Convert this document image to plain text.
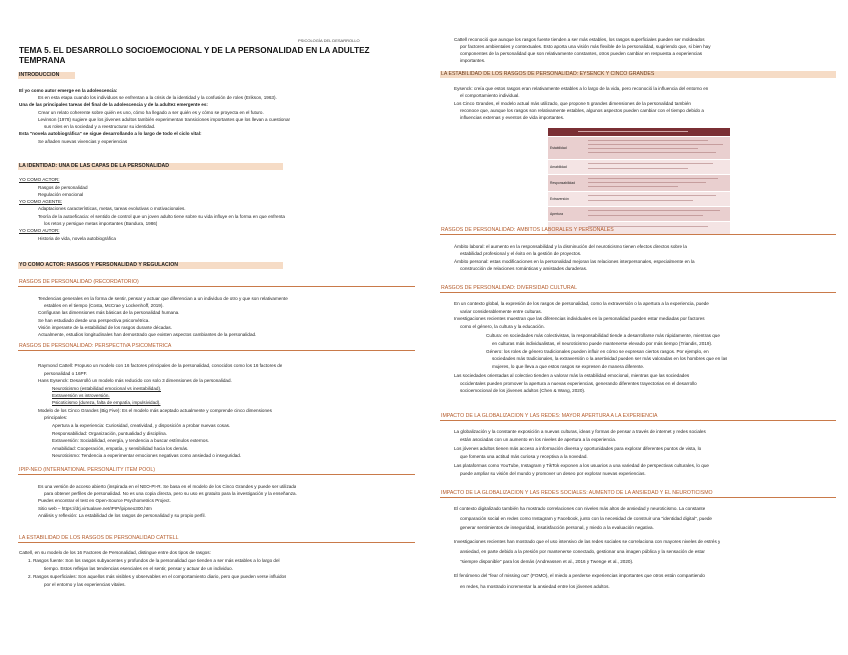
PSICOLOGÍA DEL DESARROLLO
TEMA 5. EL DESARROLLO SOCIOEMOCIONAL Y DE LA PERSONALIDAD EN LA ADULTEZ
TEMPRANA
INTRODUCCIÓN
El yo como autor emerge en la adolescencia:
Es en esta etapa cuando los individuos se enfrentan a la crisis de la identidad y la confusión de roles (Erikson, 1963).
Una de las principales tareas del final de la adolescencia y de la adultez emergente es:
Crear un relato coherente sobre quién es uno, cómo ha llegado a ser quién es y cómo se proyecta en el futuro.
Levinson (1978) sugiere que los jóvenes adultos también experimentan transiciones importantes que los llevan a cuestionar
sus roles en la sociedad y a reestructurar su identidad.
Esta "novela autobiográfica" se sigue desarrollando a lo largo de todo el ciclo vital:
Se añaden nuevas vivencias y experiencias
LA IDENTIDAD: UNA DE LAS CAPAS DE LA PERSONALIDAD
YO COMO ACTOR:
Rasgos de personalidad
Regulación emocional
YO COMO AGENTE:
Adaptaciones características, metas, tareas evolutivas o motivacionales.
Teoría de la autoeficacia: el sentido de control que un joven adulto tiene sobre su vida influye en la forma en que enfrenta
los retos y persigue metas importantes (Bandura, 1986)
YO COMO AUTOR:
Historia de vida, novela autobiográfica
YO COMO ACTOR: RASGOS Y PERSONALIDAD Y REGULACIÓN
RASGOS DE PERSONALIDAD (RECORDATORIO)
Tendencias generales en la forma de sentir, pensar y actuar que diferencian a un individuo de otro y que son relativamente
estables en el tiempo (Costa, McCrae y Lockenhoff, 2019).
Configuran las dimensiones más básicas de la personalidad humana.
Se han estudiado desde una perspectiva psicométrica.
Visión imperante de la estabilidad de los rasgos durante décadas.
Actualmente, estudios longitudinales han demostrado que existen aspectos cambiantes de la personalidad.
RASGOS DE PERSONALIDAD: PERSPECTIVA PSICOMÉTRICA
Raymond Cattell: Propuso un modelo con 16 factores principales de la personalidad, conocidos como los 16 factores de
personalidad o 16PF.
Hans Eysenck: Desarrolló un modelo más reducido con solo 3 dimensiones de la personalidad.
Neuroticismo (estabilidad emocional vs inestabilidad).
Extraversión vs introversión.
Psicoticismo (dureza, falta de empatía, impulsividad).
Modelo de los Cinco Grandes (Big Five): Es el modelo más aceptado actualmente y comprende cinco dimensiones
principales:
Apertura a la experiencia: Curiosidad, creatividad, y disposición a probar nuevas cosas.
Responsabilidad: Organización, puntualidad y disciplina.
Extraversión: Sociabilidad, energía, y tendencia a buscar estímulos externos.
Amabilidad: Cooperación, empatía, y sensibilidad hacia los demás.
Neuroticismo: Tendencia a experimentar emociones negativas como ansiedad o inseguridad.
IPIP-NEO (INTERNATIONAL PERSONALITY ITEM POOL)
Es una versión de acceso abierto (inspirada en el NEO-PI-R. Se basa en el modelo de los Cinco Grandes y puede ser utilizada
para obtener perfiles de personalidad. No es una copia directa, pero su uso es gratuito para la investigación y la enseñanza.
Puedes encontrar el test en Open-Source Psychometrics Project.
Sitio web – https://drj.virtualave.net/IPIP/ipipneo300.htm
Análisis y reflexión: La estabilidad de los rasgos de personalidad y su propio perfil.
LA ESTABILIDAD DE LOS RASGOS DE PERSONALIDAD CATTELL
Cattell, en su modelo de los 16 Factores de Personalidad, distingue entre dos tipos de rasgos:
1. Rasgos fuente: Son los rasgos subyacentes y profundos de la personalidad que tienden a ser más estables a lo largo del
tiempo. Estos reflejan las tendencias esenciales en el sentir, pensar y actuar de un individuo.
2. Rasgos superficiales: Son aquellos más visibles y observables en el comportamiento diario, pero que pueden verse influidos
por el entorno y las experiencias vitales.
Cattell reconoció que aunque los rasgos fuente tienden a ser más estables, los rasgos superficiales pueden ser moldeados
por factores ambientales y contextuales. Esto aporta una visión más flexible de la personalidad, sugiriendo que, si bien hay
componentes de la personalidad que son relativamente constantes, otros pueden cambiar en respuesta a experiencias
importantes.
LA ESTABILIDAD DE LOS RASGOS DE PERSONALIDAD: EYSENCK Y CINCO GRANDES
Eysenck: creía que estos rasgos eran relativamente estables a lo largo de la vida, pero reconoció la influencia del entorno en
el comportamiento individual.
Los Cinco Grandes, el modelo actual más utilizado, que propone 5 grandes dimensiones de la personalidad también
reconoce que, aunque los rasgos son relativamente estables, algunos aspectos pueden cambiar con el tiempo debido a
influencias externas y eventos de vida importantes.
Estabilidad
Amabilidad
Responsabilidad
Extraversión
Apertura
RASGOS DE PERSONALIDAD: ÁMBITOS LABORALES Y PERSONALES
Ámbito laboral: el aumento en la responsabilidad y la disminución del neuroticismo tienen efectos directos sobre la
estabilidad profesional y el éxito en la gestión de proyectos.
Ámbito personal: estas modificaciones en la personalidad mejoran las relaciones interpersonales, especialmente en la
construcción de relaciones románticas y amistades duraderas.
RASGOS DE PERSONALIDAD: DIVERSIDAD CULTURAL
En un contexto global, la expresión de los rasgos de personalidad, como la extraversión o la apertura a la experiencia, puede
variar considerablemente entre culturas.
Investigaciones recientes muestran que las diferencias individuales en la personalidad pueden estar mediadas por factores
como el género, la cultura y la educación.
Cultura: en sociedades más colectivistas, la responsabilidad tiende a desarrollarse más rápidamente, mientras que
en culturas más individualistas, el neuroticismo puede mantenerse elevado por más tiempo (Triandis, 2019).
Género: los roles de género tradicionales pueden influir en cómo se expresan ciertos rasgos. Por ejemplo, en
sociedades más tradicionales, la extraversión o la asertividad pueden ser más valoradas en los hombres que en las
mujeres, lo que lleva a que estos rasgos se expresen de manera diferente.
Las sociedades orientadas al colectivo tienden a valorar más la estabilidad emocional, mientras que las sociedades
occidentales pueden promover la apertura a nuevas experiencias, generando diferentes trayectorias en el desarrollo
socioemocional de los jóvenes adultos (Chen & Wang, 2020).
IMPACTO DE LA GLOBALIZACIÓN Y LAS REDES: MAYOR APERTURA A LA EXPERIENCIA
La globalización y la constante exposición a nuevas culturas, ideas y formas de pensar a través de internet y redes sociales
están asociadas con un aumento en los niveles de apertura a la experiencia.
Los jóvenes adultos tienen más acceso a información diversa y oportunidades para explorar diferentes puntos de vista, lo
que fomenta una actitud más curiosa y receptiva a la novedad.
Las plataformas como YouTube, Instagram y TikTok exponen a los usuarios a una variedad de perspectivas culturales, lo que
puede ampliar su visión del mundo y promover un deseo por explorar nuevas experiencias.
IMPACTO DE LA GLOBALIZACIÓN Y LAS REDES SOCIALES: AUMENTO DE LA ANSIEDAD Y EL NEUROTICISMO
El contexto digitalizado también ha mostrado correlaciones con niveles más altos de ansiedad y neuroticismo. La constante
comparación social en redes como Instagram y Facebook, junto con la necesidad de construir una "identidad digital", puede
generar sentimientos de inseguridad, insatisfacción personal, y miedo a la evaluación negativa.
Investigaciones recientes han mostrado que el uso intensivo de las redes sociales se correlaciona con mayores niveles de estrés y
ansiedad, en parte debido a la presión por mantenerse conectado, gestionar una imagen pública y la sensación de estar
"siempre disponible" para los demás (Andreassen et al., 2016 y Twenge et al., 2020).
El fenómeno del "fear of missing out" (FOMO), el miedo a perderse experiencias importantes que otros están compartiendo
en redes, ha mostrado incrementar la ansiedad entre los jóvenes adultos.
